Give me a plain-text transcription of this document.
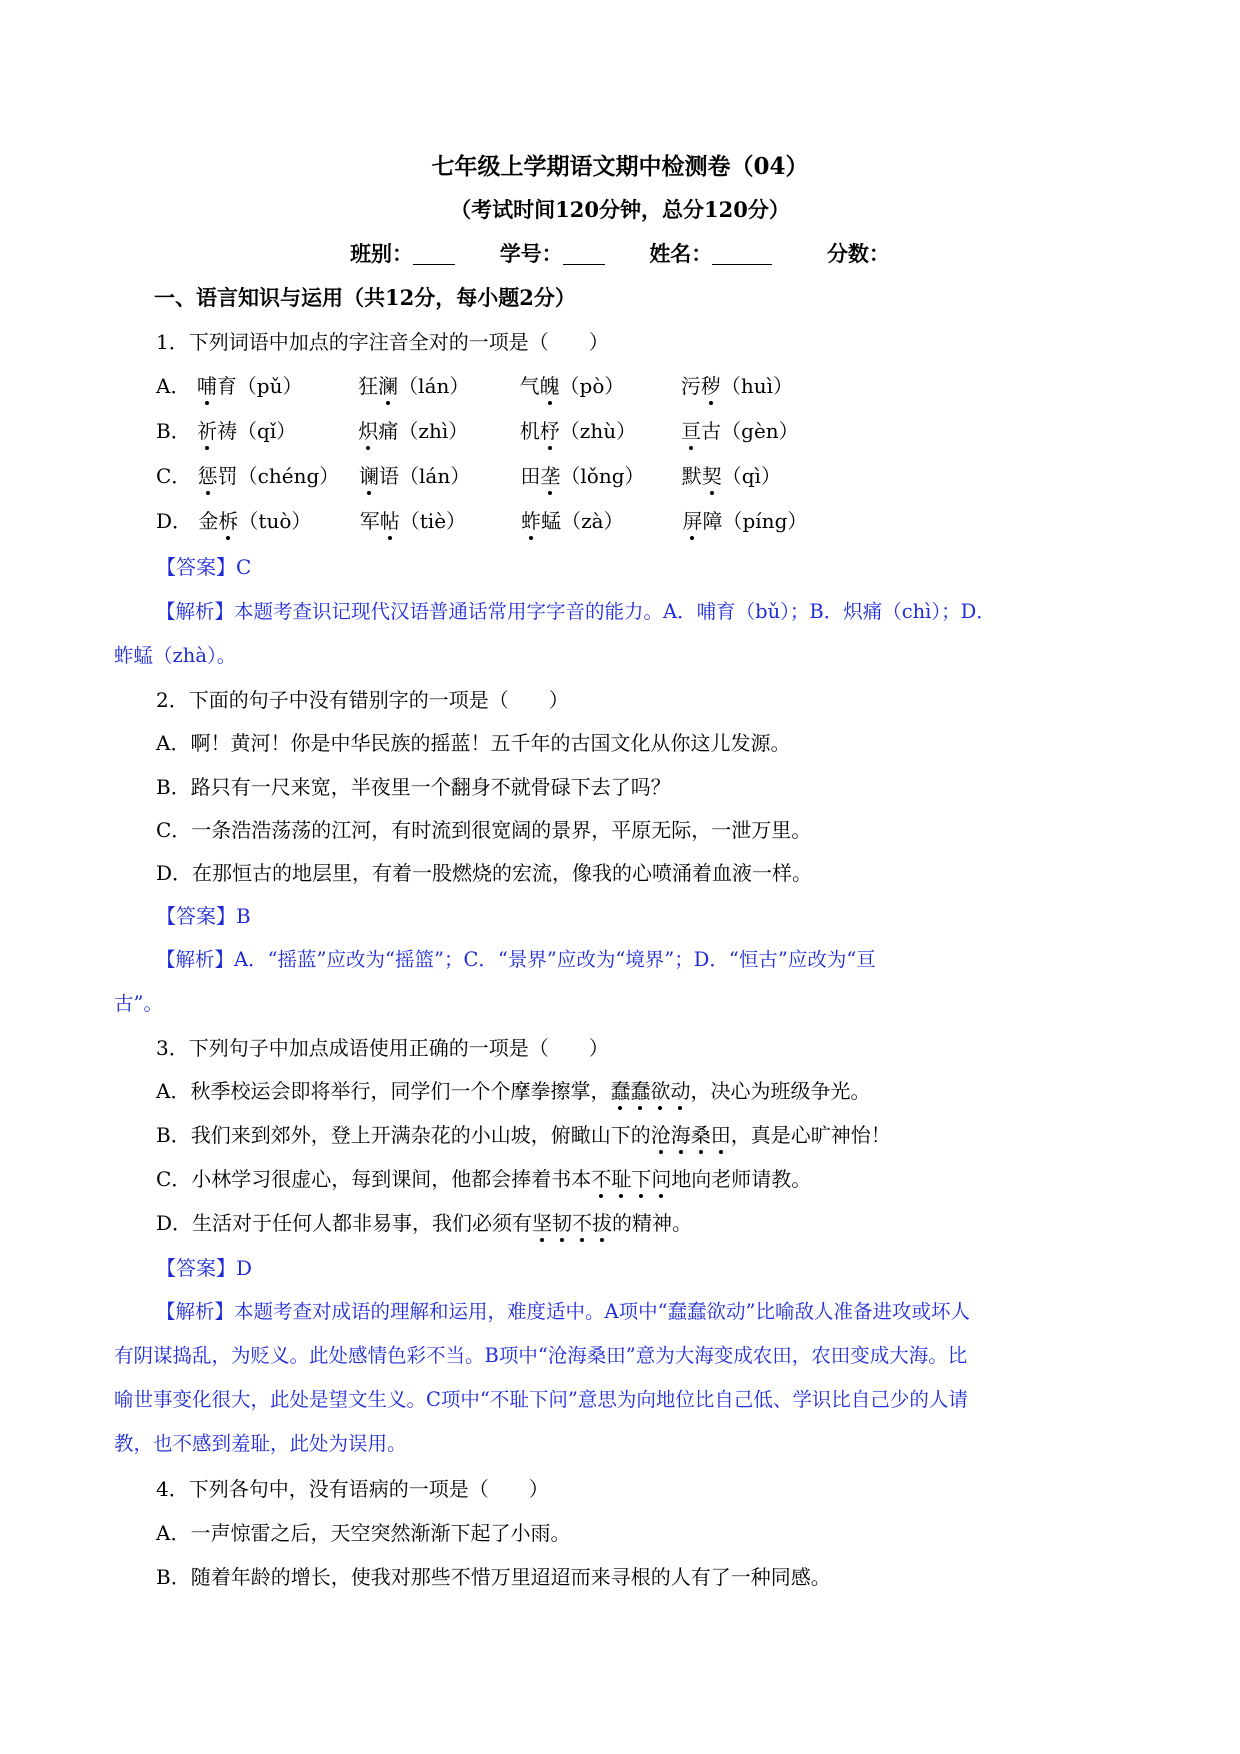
七年级上学期语文期中检测卷（04）
（考试时间120分钟，总分120分）
班别：	学号：	姓名：	分数：
一、语言知识与运用（共12分，每小题2分）
1．下列词语中加点的字注音全对的一项是（　　）
A． 哺育（pǔ）	狂澜（lán）	气魄（pò）	污秽（huì）
B． 祈祷（qǐ）	炽痛（zhì）	机杼（zhù） 亘古（gèn）
C． 惩罚（chéng） 谰语（lán）	田垄（lǒng） 默契（qì）
D． 金柝（tuò） 军帖（tiè）	蚱蜢（zà）	屏障（píng）
【答案】C
【解析】本题考查识记现代汉语普通话常用字字音的能力。A．哺育（bǔ）；B．炽痛（chì）；D．
蚱蜢（zhà）。
2．下面的句子中没有错别字的一项是（　　）
A．啊！黄河！你是中华民族的摇蓝！五千年的古国文化从你这儿发源。
B．路只有一尺来宽，半夜里一个翻身不就骨碌下去了吗？
C．一条浩浩荡荡的江河，有时流到很宽阔的景界，平原无际，一泄万里。
D．在那恒古的地层里，有着一股燃烧的宏流，像我的心喷涌着血液一样。
【答案】B
【解析】A．“摇蓝”应改为“摇篮”；C．“景界”应改为“境界”；D．“恒古”应改为“亘
古”。
3．下列句子中加点成语使用正确的一项是（　　）
A．秋季校运会即将举行，同学们一个个摩拳擦掌，蠢蠢欲动，决心为班级争光。
B．我们来到郊外，登上开满杂花的小山坡，俯瞰山下的沧海桑田，真是心旷神怡！
C．小林学习很虚心，每到课间，他都会捧着书本不耻下问地向老师请教。
D．生活对于任何人都非易事，我们必须有坚韧不拔的精神。
【答案】D
【解析】本题考查对成语的理解和运用，难度适中。A项中“蠢蠢欲动”比喻敌人准备进攻或坏人
有阴谋捣乱，为贬义。此处感情色彩不当。B项中“沧海桑田”意为大海变成农田，农田变成大海。比
喻世事变化很大，此处是望文生义。C项中“不耻下问”意思为向地位比自己低、学识比自己少的人请
教，也不感到羞耻，此处为误用。
4．下列各句中，没有语病的一项是（　　）
A．一声惊雷之后，天空突然渐渐下起了小雨。
B．随着年龄的增长，使我对那些不惜万里迢迢而来寻根的人有了一种同感。
